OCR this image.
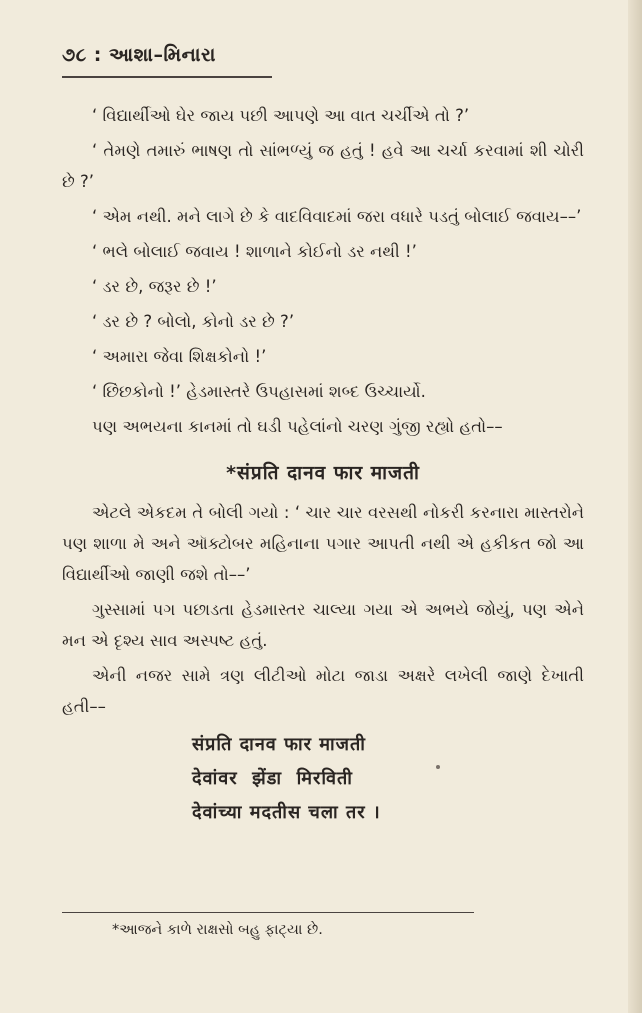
૭૮ : આશા–મિનારા

‘ વિદ્યાર્થીઓ ઘેર જાય પછી આપણે આ વાત ચર્ચીએ તો ?’

‘ તેમણે તમારું ભાષણ તો સાંભળ્યું જ હતું ! હવે આ ચર્ચા કરવામાં શી ચોરી છે ?’

‘ એમ નથી. મને લાગે છે કે વાદવિવાદમાં જરા વધારે પડતું બોલાઈ જવાય––’

‘ ભલે બોલાઈ જવાય ! શાળાને કોઈનો ડર નથી !’

‘ ડર છે, જરૂર છે !’

‘ ડર છે ? બોલો, કોનો ડર છે ?’

‘ અમારા જેવા શિક્ષકોનો !’

‘ છિંછકોનો !’ હેડમાસ્તરે ઉપહાસમાં શબ્દ ઉચ્ચાર્યો.

પણ અભયના કાનમાં તો ઘડી પહેલાંનો ચરણ ગુંજી રહ્યો હતો––

*संप्रति दानव फार माजती

એટલે એકદમ તે બોલી ગયો : ‘ ચાર ચાર વરસથી નોકરી કરનારા માસ્તરોને પણ શાળા મે અને ઑક્ટોબર મહિનાના પગાર આપતી નથી એ હકીકત જો આ વિદ્યાર્થીઓ જાણી જશે તો––’

ગુસ્સામાં પગ પછાડતા હેડમાસ્તર ચાલ્યા ગયા એ અભયે જોયું, પણ એને મન એ દૃશ્ય સાવ અસ્પષ્ટ હતું.

એની નજર સામે ત્રણ લીટીઓ મોટા જાડા અક્ષરે લખેલી જાણે દેખાતી હતી––

संप्रति दानव फार माजती
देवांवर  झेंडा  मिरविती
देवांच्या मदतीस चला तर ।
*આજને કાળે રાક્ષસો બહુ ફાટ્યા છે.
